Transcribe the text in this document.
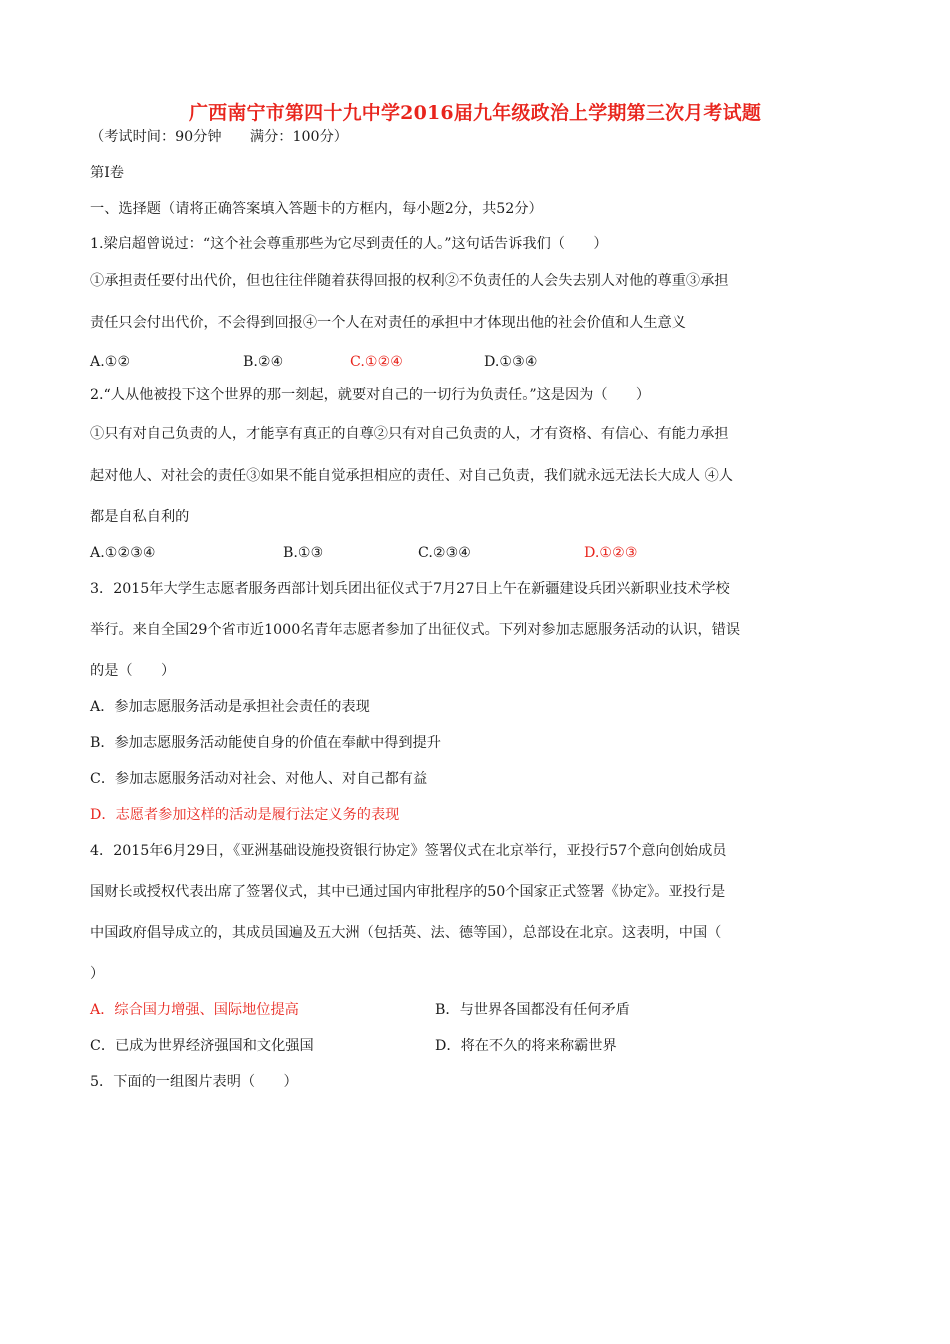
广西南宁市第四十九中学2016届九年级政治上学期第三次月考试题
（考试时间：90分钟　　满分：100分）
第Ⅰ卷
一、选择题（请将正确答案填入答题卡的方框内，每小题2分，共52分）
1.梁启超曾说过：“这个社会尊重那些为它尽到责任的人。”这句话告诉我们（　　）
①承担责任要付出代价，但也往往伴随着获得回报的权利②不负责任的人会失去别人对他的尊重③承担
责任只会付出代价，不会得到回报④一个人在对责任的承担中才体现出他的社会价值和人生意义
A.①②	B.②④	C.①②④	D.①③④
2.“人从他被投下这个世界的那一刻起，就要对自己的一切行为负责任。”这是因为（　　）
①只有对自己负责的人，才能享有真正的自尊②只有对自己负责的人，才有资格、有信心、有能力承担
起对他人、对社会的责任③如果不能自觉承担相应的责任、对自己负责，我们就永远无法长大成人 ④人
都是自私自利的
A.①②③④	B.①③	C.②③④	D.①②③
3．2015年大学生志愿者服务西部计划兵团出征仪式于7月27日上午在新疆建设兵团兴新职业技术学校
举行。来自全国29个省市近1000名青年志愿者参加了出征仪式。下列对参加志愿服务活动的认识，错误
的是（　　）
A．参加志愿服务活动是承担社会责任的表现
B．参加志愿服务活动能使自身的价值在奉献中得到提升
C．参加志愿服务活动对社会、对他人、对自己都有益
D．志愿者参加这样的活动是履行法定义务的表现
4．2015年6月29日，《亚洲基础设施投资银行协定》签署仪式在北京举行，亚投行57个意向创始成员
国财长或授权代表出席了签署仪式，其中已通过国内审批程序的50个国家正式签署《协定》。亚投行是
中国政府倡导成立的，其成员国遍及五大洲（包括英、法、德等国），总部设在北京。这表明，中国（
）
A．综合国力增强、国际地位提高	B．与世界各国都没有任何矛盾
C．已成为世界经济强国和文化强国	D．将在不久的将来称霸世界
5．下面的一组图片表明（　　）
